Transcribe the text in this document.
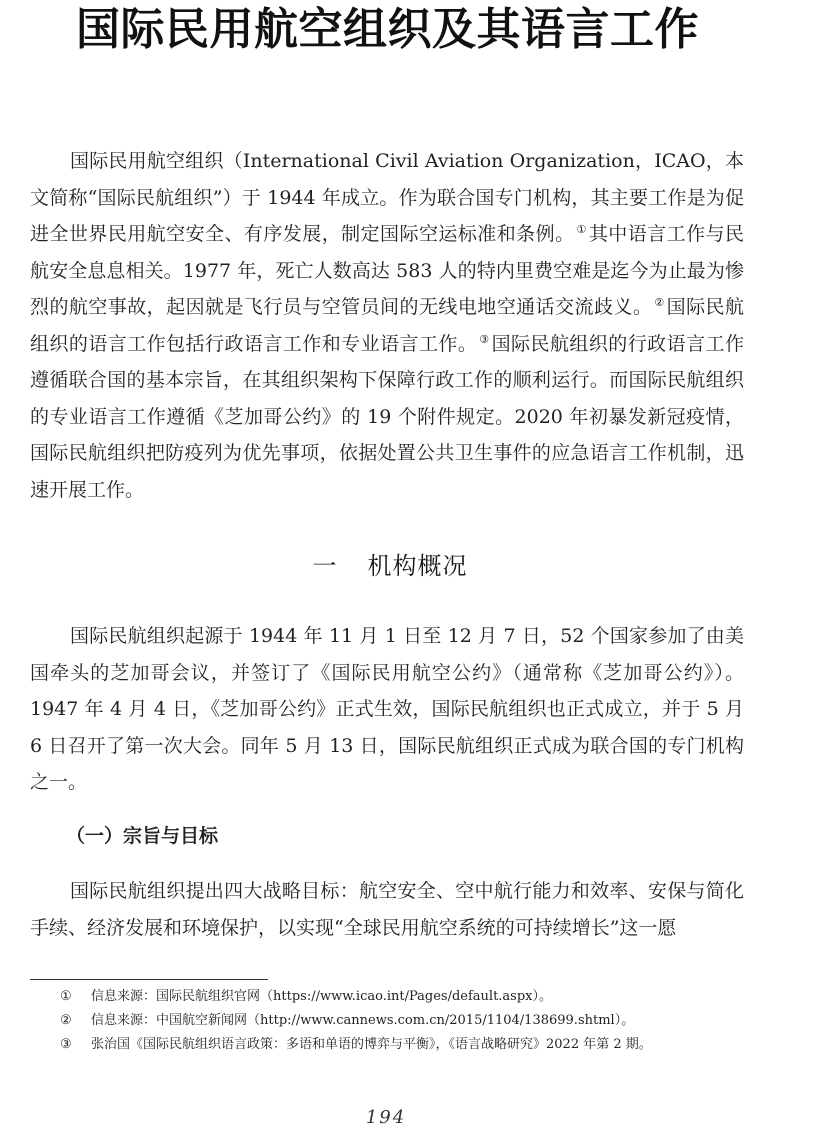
国际民用航空组织及其语言工作

国际民用航空组织（International Civil Aviation Organization，ICAO，本文简称“国际民航组织”）于 1944 年成立。作为联合国专门机构，其主要工作是为促进全世界民用航空安全、有序发展，制定国际空运标准和条例。 ① 其中语言工作与民航安全息息相关。1977 年，死亡人数高达 583 人的特内里费空难是迄今为止最为惨烈的航空事故，起因就是飞行员与空管员间的无线电地空通话交流歧义。 ② 国际民航组织的语言工作包括行政语言工作和专业语言工作。 ③ 国际民航组织的行政语言工作遵循联合国的基本宗旨，在其组织架构下保障行政工作的顺利运行。而国际民航组织的专业语言工作遵循《芝加哥公约》的 19 个附件规定。2020 年初暴发新冠疫情，国际民航组织把防疫列为优先事项，依据处置公共卫生事件的应急语言工作机制，迅速开展工作。

一 机构概况

国际民航组织起源于 1944 年 11 月 1 日至 12 月 7 日，52 个国家参加了由美国牵头的芝加哥会议，并签订了《国际民用航空公约》（通常称《芝加哥公约》）。1947 年 4 月 4 日，《芝加哥公约》正式生效，国际民航组织也正式成立，并于 5 月 6 日召开了第一次大会。同年 5 月 13 日，国际民航组织正式成为联合国的专门机构之一。

（一）宗旨与目标

国际民航组织提出四大战略目标：航空安全、空中航行能力和效率、安保与简化手续、经济发展和环境保护，以实现“全球民用航空系统的可持续增长”这一愿

① 信息来源：国际民航组织官网（https://www.icao.int/Pages/default.aspx）。
② 信息来源：中国航空新闻网（http://www.cannews.com.cn/2015/1104/138699.shtml）。
③ 张治国《国际民航组织语言政策：多语和单语的博弈与平衡》，《语言战略研究》2022 年第 2 期。
194
